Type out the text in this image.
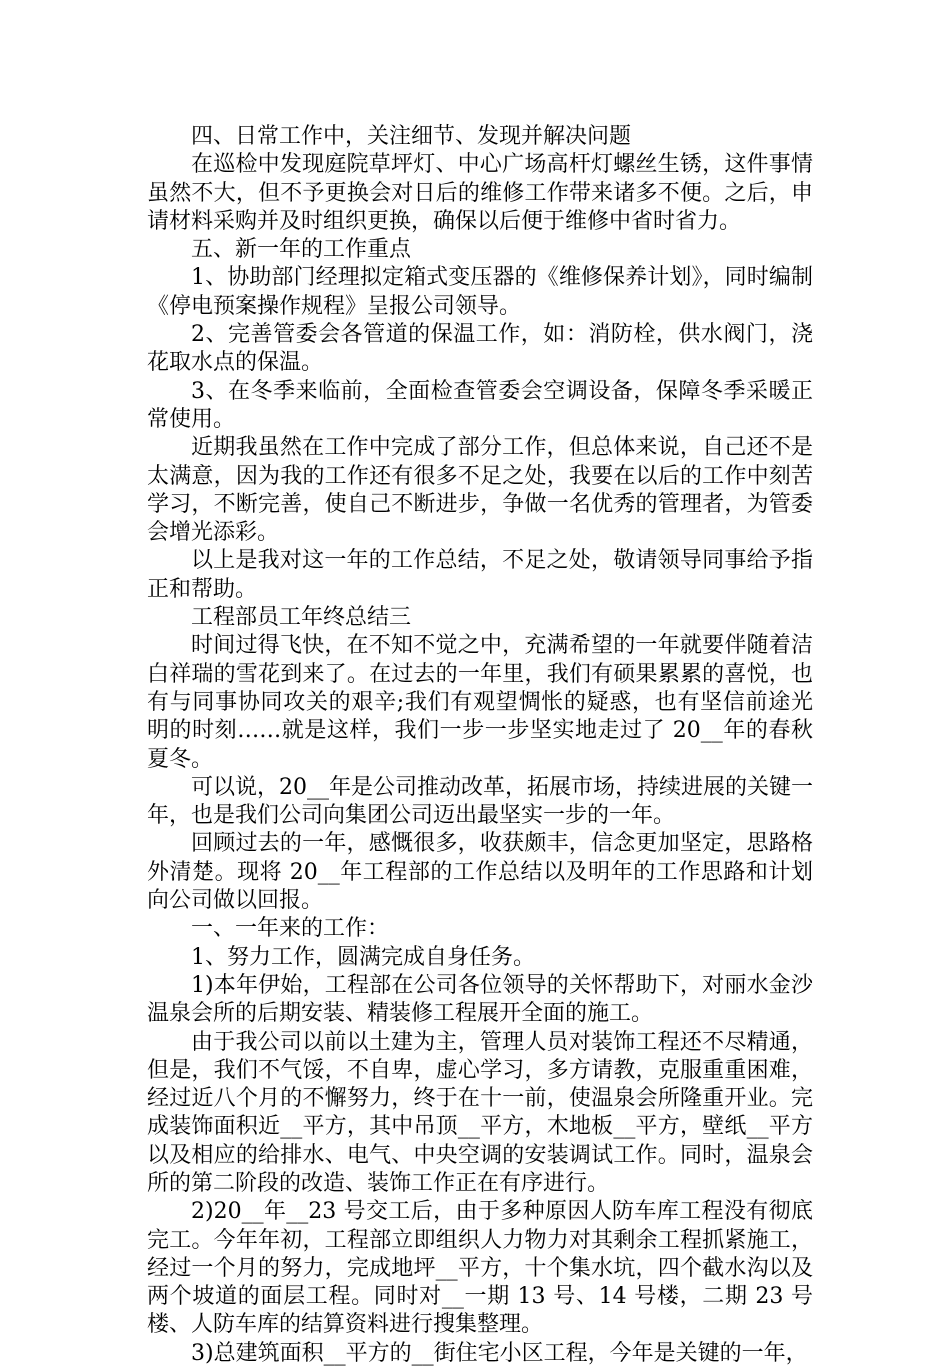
四、日常工作中，关注细节、发现并解决问题

在巡检中发现庭院草坪灯、中心广场高杆灯螺丝生锈，这件事情虽然不大，但不予更换会对日后的维修工作带来诸多不便。之后，申请材料采购并及时组织更换，确保以后便于维修中省时省力。

五、新一年的工作重点

1、协助部门经理拟定箱式变压器的《维修保养计划》，同时编制《停电预案操作规程》呈报公司领导。

2、完善管委会各管道的保温工作，如：消防栓，供水阀门，浇花取水点的保温。

3、在冬季来临前，全面检查管委会空调设备，保障冬季采暖正常使用。

近期我虽然在工作中完成了部分工作，但总体来说，自己还不是太满意，因为我的工作还有很多不足之处，我要在以后的工作中刻苦学习，不断完善，使自己不断进步，争做一名优秀的管理者，为管委会增光添彩。

以上是我对这一年的工作总结，不足之处，敬请领导同事给予指正和帮助。

工程部员工年终总结三

时间过得飞快，在不知不觉之中，充满希望的一年就要伴随着洁白祥瑞的雪花到来了。在过去的一年里，我们有硕果累累的喜悦，也有与同事协同攻关的艰辛;我们有观望惆怅的疑惑，也有坚信前途光明的时刻……就是这样，我们一步一步坚实地走过了 20__年的春秋夏冬。

可以说，20__年是公司推动改革，拓展市场，持续进展的关键一年，也是我们公司向集团公司迈出最坚实一步的一年。

回顾过去的一年，感慨很多，收获颇丰，信念更加坚定，思路格外清楚。现将 20__年工程部的工作总结以及明年的工作思路和计划向公司做以回报。

一、一年来的工作：

1、努力工作，圆满完成自身任务。

1)本年伊始，工程部在公司各位领导的关怀帮助下，对丽水金沙温泉会所的后期安装、精装修工程展开全面的施工。

由于我公司以前以土建为主，管理人员对装饰工程还不尽精通，但是，我们不气馁，不自卑，虚心学习，多方请教，克服重重困难，经过近八个月的不懈努力，终于在十一前，使温泉会所隆重开业。完成装饰面积近__平方，其中吊顶__平方，木地板__平方，壁纸__平方以及相应的给排水、电气、中央空调的安装调试工作。同时，温泉会所的第二阶段的改造、装饰工作正在有序进行。

2)20__年__23 号交工后，由于多种原因人防车库工程没有彻底完工。今年年初，工程部立即组织人力物力对其剩余工程抓紧施工，经过一个月的努力，完成地坪__平方，十个集水坑，四个截水沟以及两个坡道的面层工程。同时对__一期 13 号、14 号楼，二期 23 号楼、人防车库的结算资料进行搜集整理。

3)总建筑面积__平方的__街住宅小区工程，今年是关键的一年，
